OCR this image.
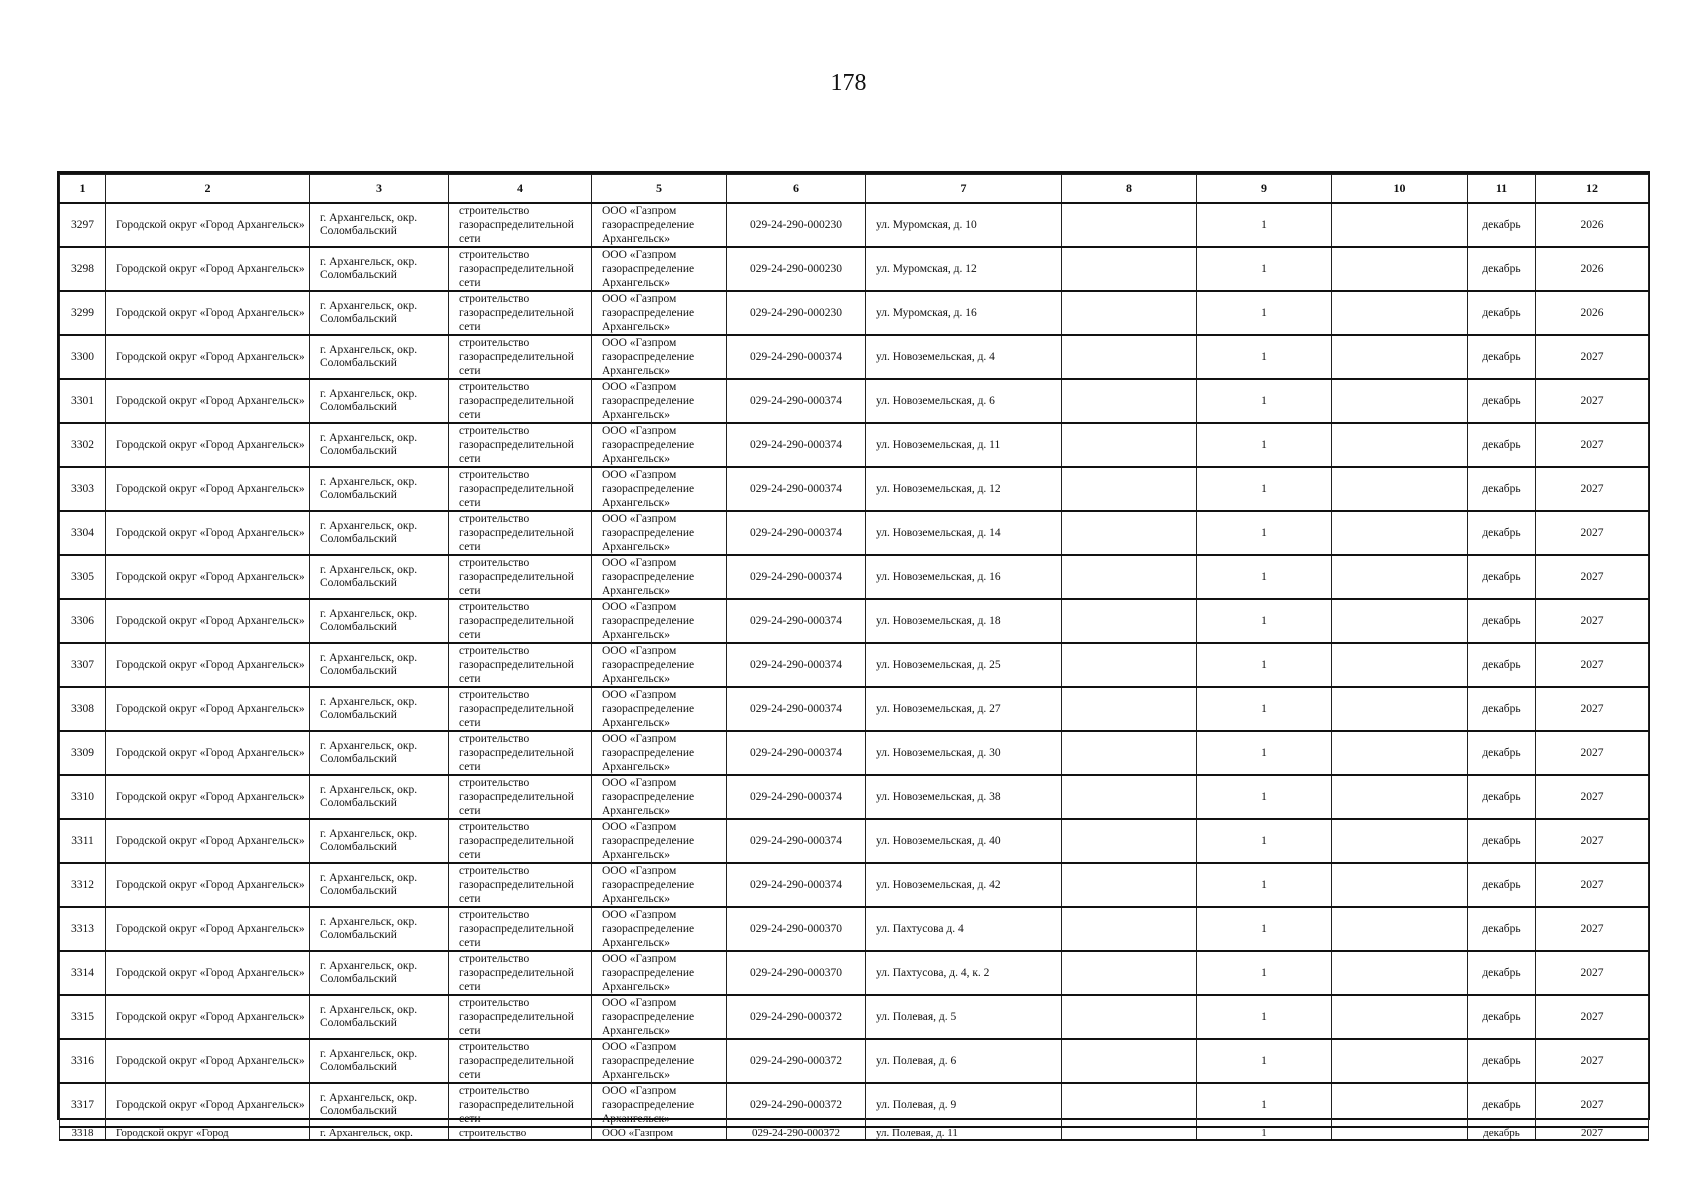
178
1	2	3	4	5	6	7	8	9	10	11	12
3297	Городской округ «Город Архангельск»	г. Архангельск, окр. Соломбальский	строительство газораспределительной сети	ООО «Газпром газораспределение Архангельск»	029-24-290-000230	ул. Муромская, д. 10		1		декабрь	2026
3298	Городской округ «Город Архангельск»	г. Архангельск, окр. Соломбальский	строительство газораспределительной сети	ООО «Газпром газораспределение Архангельск»	029-24-290-000230	ул. Муромская, д. 12		1		декабрь	2026
3299	Городской округ «Город Архангельск»	г. Архангельск, окр. Соломбальский	строительство газораспределительной сети	ООО «Газпром газораспределение Архангельск»	029-24-290-000230	ул. Муромская, д. 16		1		декабрь	2026
3300	Городской округ «Город Архангельск»	г. Архангельск, окр. Соломбальский	строительство газораспределительной сети	ООО «Газпром газораспределение Архангельск»	029-24-290-000374	ул. Новоземельская, д. 4		1		декабрь	2027
3301	Городской округ «Город Архангельск»	г. Архангельск, окр. Соломбальский	строительство газораспределительной сети	ООО «Газпром газораспределение Архангельск»	029-24-290-000374	ул. Новоземельская, д. 6		1		декабрь	2027
3302	Городской округ «Город Архангельск»	г. Архангельск, окр. Соломбальский	строительство газораспределительной сети	ООО «Газпром газораспределение Архангельск»	029-24-290-000374	ул. Новоземельская, д. 11		1		декабрь	2027
3303	Городской округ «Город Архангельск»	г. Архангельск, окр. Соломбальский	строительство газораспределительной сети	ООО «Газпром газораспределение Архангельск»	029-24-290-000374	ул. Новоземельская, д. 12		1		декабрь	2027
3304	Городской округ «Город Архангельск»	г. Архангельск, окр. Соломбальский	строительство газораспределительной сети	ООО «Газпром газораспределение Архангельск»	029-24-290-000374	ул. Новоземельская, д. 14		1		декабрь	2027
3305	Городской округ «Город Архангельск»	г. Архангельск, окр. Соломбальский	строительство газораспределительной сети	ООО «Газпром газораспределение Архангельск»	029-24-290-000374	ул. Новоземельская, д. 16		1		декабрь	2027
3306	Городской округ «Город Архангельск»	г. Архангельск, окр. Соломбальский	строительство газораспределительной сети	ООО «Газпром газораспределение Архангельск»	029-24-290-000374	ул. Новоземельская, д. 18		1		декабрь	2027
3307	Городской округ «Город Архангельск»	г. Архангельск, окр. Соломбальский	строительство газораспределительной сети	ООО «Газпром газораспределение Архангельск»	029-24-290-000374	ул. Новоземельская, д. 25		1		декабрь	2027
3308	Городской округ «Город Архангельск»	г. Архангельск, окр. Соломбальский	строительство газораспределительной сети	ООО «Газпром газораспределение Архангельск»	029-24-290-000374	ул. Новоземельская, д. 27		1		декабрь	2027
3309	Городской округ «Город Архангельск»	г. Архангельск, окр. Соломбальский	строительство газораспределительной сети	ООО «Газпром газораспределение Архангельск»	029-24-290-000374	ул. Новоземельская, д. 30		1		декабрь	2027
3310	Городской округ «Город Архангельск»	г. Архангельск, окр. Соломбальский	строительство газораспределительной сети	ООО «Газпром газораспределение Архангельск»	029-24-290-000374	ул. Новоземельская, д. 38		1		декабрь	2027
3311	Городской округ «Город Архангельск»	г. Архангельск, окр. Соломбальский	строительство газораспределительной сети	ООО «Газпром газораспределение Архангельск»	029-24-290-000374	ул. Новоземельская, д. 40		1		декабрь	2027
3312	Городской округ «Город Архангельск»	г. Архангельск, окр. Соломбальский	строительство газораспределительной сети	ООО «Газпром газораспределение Архангельск»	029-24-290-000374	ул. Новоземельская, д. 42		1		декабрь	2027
3313	Городской округ «Город Архангельск»	г. Архангельск, окр. Соломбальский	строительство газораспределительной сети	ООО «Газпром газораспределение Архангельск»	029-24-290-000370	ул. Пахтусова д. 4		1		декабрь	2027
3314	Городской округ «Город Архангельск»	г. Архангельск, окр. Соломбальский	строительство газораспределительной сети	ООО «Газпром газораспределение Архангельск»	029-24-290-000370	ул. Пахтусова, д. 4, к. 2		1		декабрь	2027
3315	Городской округ «Город Архангельск»	г. Архангельск, окр. Соломбальский	строительство газораспределительной сети	ООО «Газпром газораспределение Архангельск»	029-24-290-000372	ул. Полевая, д. 5		1		декабрь	2027
3316	Городской округ «Город Архангельск»	г. Архангельск, окр. Соломбальский	строительство газораспределительной сети	ООО «Газпром газораспределение Архангельск»	029-24-290-000372	ул. Полевая, д. 6		1		декабрь	2027
3317	Городской округ «Город Архангельск»	г. Архангельск, окр. Соломбальский	строительство газораспределительной сети	ООО «Газпром газораспределение Архангельск»	029-24-290-000372	ул. Полевая, д. 9		1		декабрь	2027
3318	Городской округ «Город	г. Архангельск, окр.	строительство	ООО «Газпром	029-24-290-000372	ул. Полевая, д. 11		1		декабрь	2027
